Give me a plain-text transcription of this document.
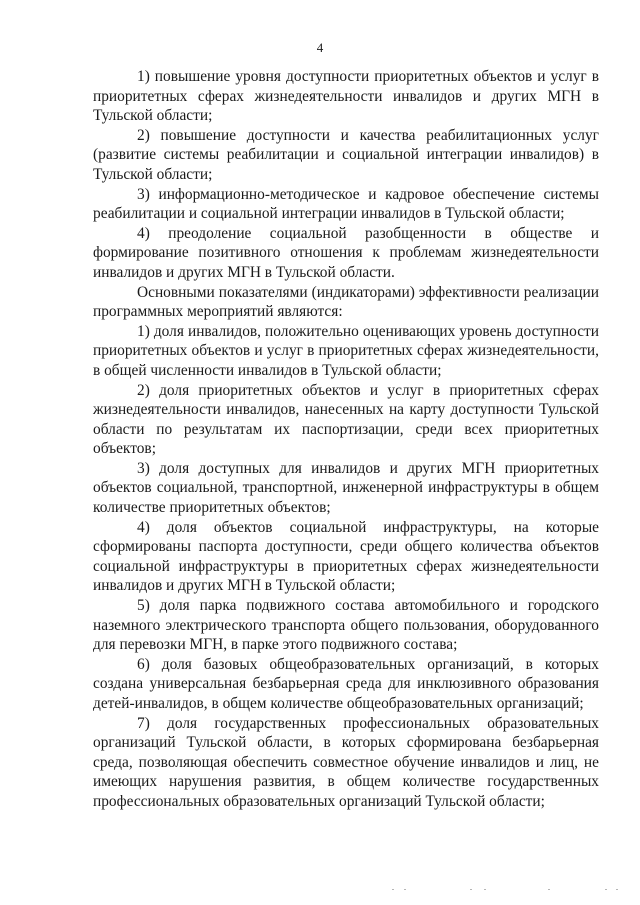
4

1) повышение уровня доступности приоритетных объектов и услуг в приоритетных сферах жизнедеятельности инвалидов и других МГН в Тульской области;

2) повышение доступности и качества реабилитационных услуг (развитие системы реабилитации и социальной интеграции инвалидов) в Тульской области;

3) информационно-методическое и кадровое обеспечение системы реабилитации и социальной интеграции инвалидов в Тульской области;

4) преодоление социальной разобщенности в обществе и формирование позитивного отношения к проблемам жизнедеятельности инвалидов и других МГН в Тульской области.

Основными показателями (индикаторами) эффективности реализации программных мероприятий являются:

1) доля инвалидов, положительно оценивающих уровень доступности приоритетных объектов и услуг в приоритетных сферах жизнедеятельности, в общей численности инвалидов в Тульской области;

2) доля приоритетных объектов и услуг в приоритетных сферах жизнедеятельности инвалидов, нанесенных на карту доступности Тульской области по результатам их паспортизации, среди всех приоритетных объектов;

3) доля доступных для инвалидов и других МГН приоритетных объектов социальной, транспортной, инженерной инфраструктуры в общем количестве приоритетных объектов;

4) доля объектов социальной инфраструктуры, на которые сформированы паспорта доступности, среди общего количества объектов социальной инфраструктуры в приоритетных сферах жизнедеятельности инвалидов и других МГН в Тульской области;

5) доля парка подвижного состава автомобильного и городского наземного электрического транспорта общего пользования, оборудованного для перевозки МГН, в парке этого подвижного состава;

6) доля базовых общеобразовательных организаций, в которых создана универсальная безбарьерная среда для инклюзивного образования детей-инвалидов, в общем количестве общеобразовательных организаций;

7) доля государственных профессиональных образовательных организаций Тульской области, в которых сформирована безбарьерная среда, позволяющая обеспечить совместное обучение инвалидов и лиц, не имеющих нарушения развития, в общем количестве государственных профессиональных образовательных организаций Тульской области;
